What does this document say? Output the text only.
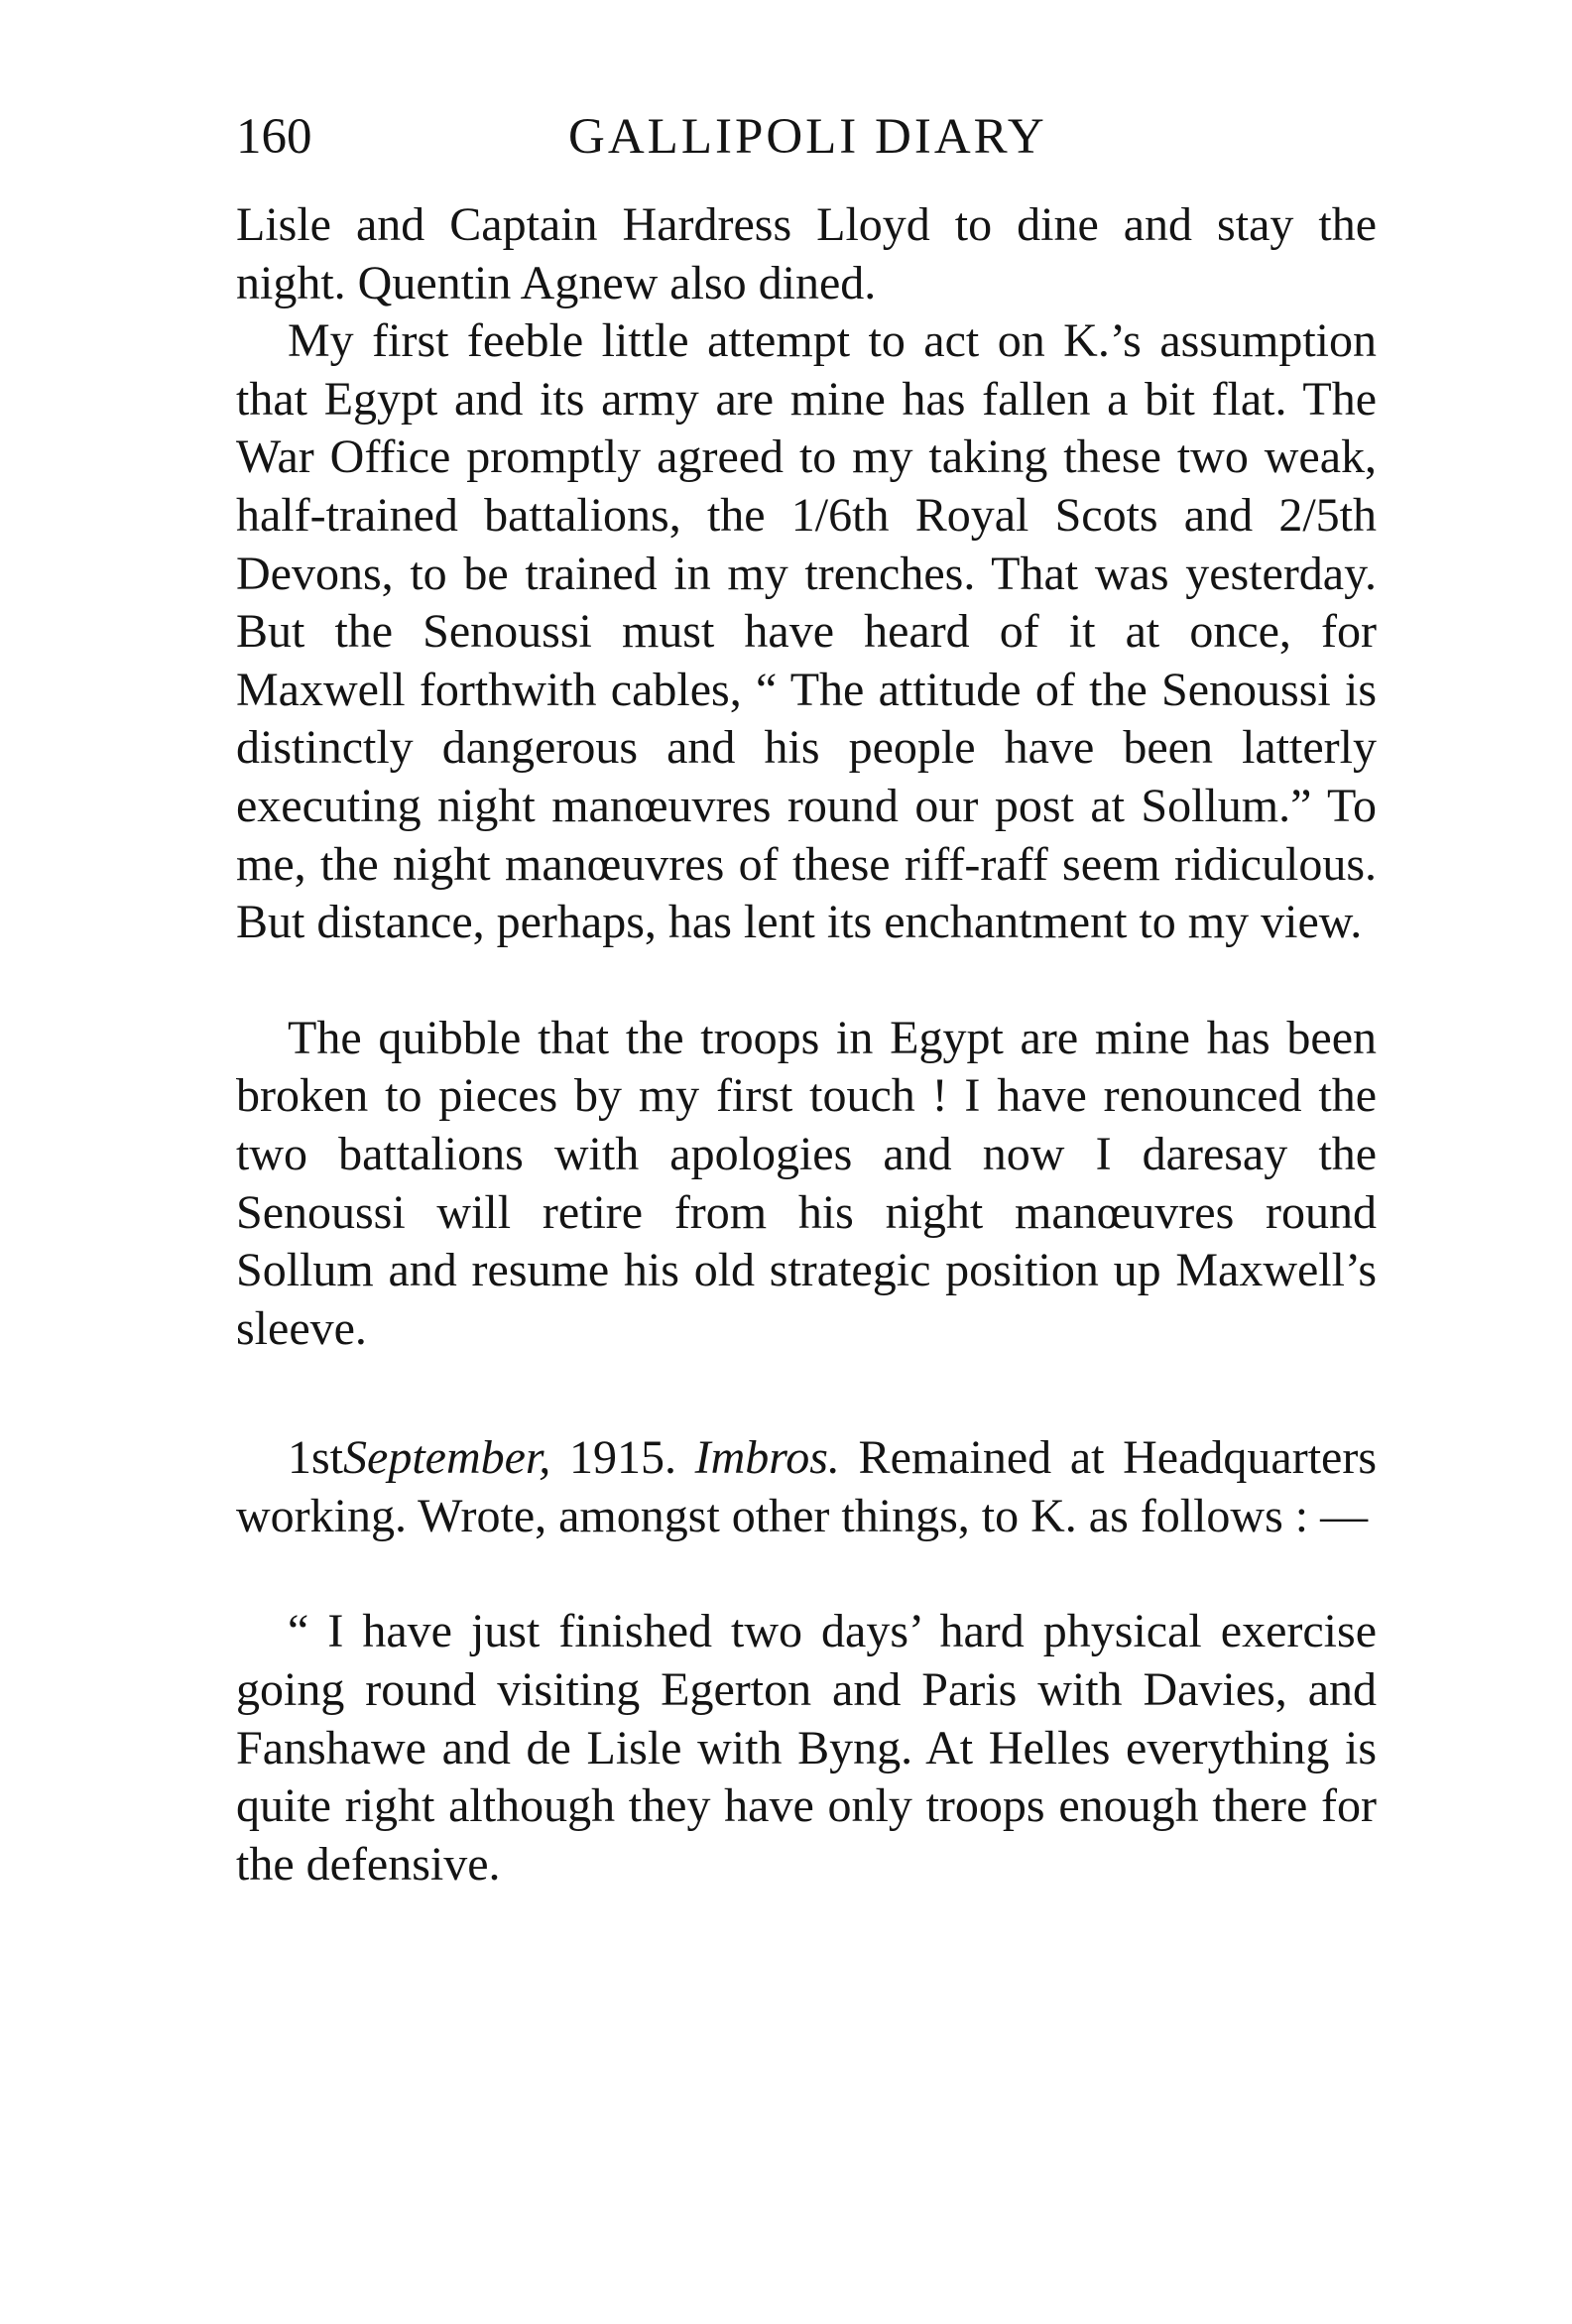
160	GALLIPOLI DIARY

Lisle and Captain Hardress Lloyd to dine and stay the night. Quentin Agnew also dined.

My first feeble little attempt to act on K.’s assumption that Egypt and its army are mine has fallen a bit flat. The War Office promptly agreed to my taking these two weak, half-trained battalions, the 1/6th Royal Scots and 2/5th Devons, to be trained in my trenches. That was yesterday. But the Senoussi must have heard of it at once, for Maxwell forthwith cables, “ The attitude of the Senoussi is distinctly dangerous and his people have been latterly executing night manœuvres round our post at Sollum.” To me, the night manœuvres of these riff-raff seem ridiculous. But distance, perhaps, has lent its enchantment to my view.

The quibble that the troops in Egypt are mine has been broken to pieces by my first touch ! I have renounced the two battalions with apologies and now I daresay the Senoussi will retire from his night manœuvres round Sollum and resume his old strategic position up Maxwell’s sleeve.

1stSeptember, 1915. Imbros. Remained at Headquarters working. Wrote, amongst other things, to K. as follows : —

“ I have just finished two days’ hard physical exercise going round visiting Egerton and Paris with Davies, and Fanshawe and de Lisle with Byng. At Helles everything is quite right although they have only troops enough there for the defensive.
